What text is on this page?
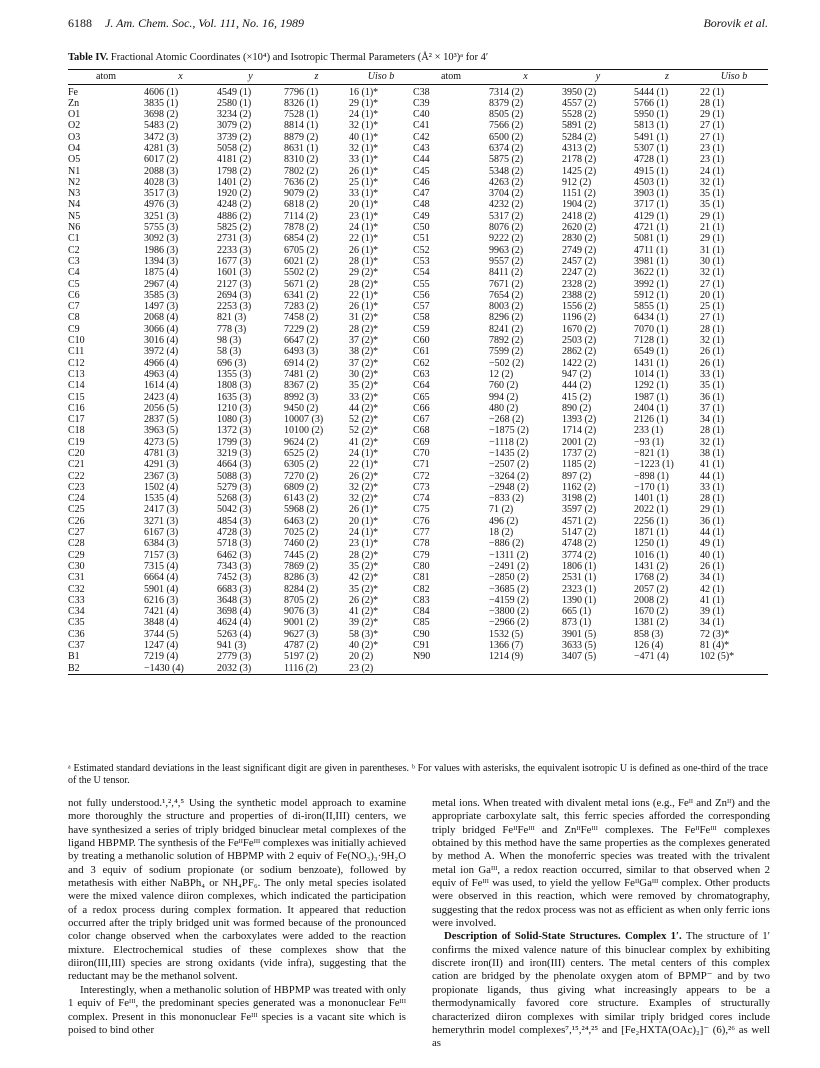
6188 J. Am. Chem. Soc., Vol. 111, No. 16, 1989	Borovik et al.
Table IV. Fractional Atomic Coordinates (×10⁴) and Isotropic Thermal Parameters (Å² × 10³)ᵃ for 4′
atom	x	y	z	Uiso b	atom	x	y	z	Uiso b

Fe	4606 (1)	4549 (1)	7796 (1)	16 (1)*	C38	7314 (2)	3950 (2)	5444 (1)	22 (1)
Zn	3835 (1)	2580 (1)	8326 (1)	29 (1)*	C39	8379 (2)	4557 (2)	5766 (1)	28 (1)
O1	3698 (2)	3234 (2)	7528 (1)	24 (1)*	C40	8505 (2)	5528 (2)	5950 (1)	29 (1)
O2	5483 (2)	3079 (2)	8814 (1)	32 (1)*	C41	7566 (2)	5891 (2)	5813 (1)	27 (1)
O3	3472 (3)	3739 (2)	8879 (2)	40 (1)*	C42	6500 (2)	5284 (2)	5491 (1)	27 (1)
O4	4281 (3)	5058 (2)	8631 (1)	32 (1)*	C43	6374 (2)	4313 (2)	5307 (1)	23 (1)
O5	6017 (2)	4181 (2)	8310 (2)	33 (1)*	C44	5875 (2)	2178 (2)	4728 (1)	23 (1)
N1	2088 (3)	1798 (2)	7802 (2)	26 (1)*	C45	5348 (2)	1425 (2)	4915 (1)	24 (1)
N2	4028 (3)	1401 (2)	7636 (2)	25 (1)*	C46	4263 (2)	912 (2)	4503 (1)	32 (1)
N3	3517 (3)	1920 (2)	9079 (2)	33 (1)*	C47	3704 (2)	1151 (2)	3903 (1)	35 (1)
N4	4976 (3)	4248 (2)	6818 (2)	20 (1)*	C48	4232 (2)	1904 (2)	3717 (1)	35 (1)
N5	3251 (3)	4886 (2)	7114 (2)	23 (1)*	C49	5317 (2)	2418 (2)	4129 (1)	29 (1)
N6	5755 (3)	5825 (2)	7878 (2)	24 (1)*	C50	8076 (2)	2620 (2)	4721 (1)	21 (1)
C1	3092 (3)	2731 (3)	6854 (2)	22 (1)*	C51	9222 (2)	2830 (2)	5081 (1)	29 (1)
C2	1986 (3)	2233 (3)	6705 (2)	26 (1)*	C52	9963 (2)	2749 (2)	4711 (1)	31 (1)
C3	1394 (3)	1677 (3)	6021 (2)	28 (1)*	C53	9557 (2)	2457 (2)	3981 (1)	30 (1)
C4	1875 (4)	1601 (3)	5502 (2)	29 (2)*	C54	8411 (2)	2247 (2)	3622 (1)	32 (1)
C5	2967 (4)	2127 (3)	5671 (2)	28 (2)*	C55	7671 (2)	2328 (2)	3992 (1)	27 (1)
C6	3585 (3)	2694 (3)	6341 (2)	22 (1)*	C56	7654 (2)	2388 (2)	5912 (1)	20 (1)
C7	1497 (3)	2253 (3)	7283 (2)	26 (1)*	C57	8003 (2)	1556 (2)	5855 (1)	25 (1)
C8	2068 (4)	821 (3)	7458 (2)	31 (2)*	C58	8296 (2)	1196 (2)	6434 (1)	27 (1)
C9	3066 (4)	778 (3)	7229 (2)	28 (2)*	C59	8241 (2)	1670 (2)	7070 (1)	28 (1)
C10	3016 (4)	98 (3)	6647 (2)	37 (2)*	C60	7892 (2)	2503 (2)	7128 (1)	32 (1)
C11	3972 (4)	58 (3)	6493 (3)	38 (2)*	C61	7599 (2)	2862 (2)	6549 (1)	26 (1)
C12	4966 (4)	696 (3)	6914 (2)	37 (2)*	C62	−502 (2)	1422 (2)	1431 (1)	26 (1)
C13	4963 (4)	1355 (3)	7481 (2)	30 (2)*	C63	12 (2)	947 (2)	1014 (1)	33 (1)
C14	1614 (4)	1808 (3)	8367 (2)	35 (2)*	C64	760 (2)	444 (2)	1292 (1)	35 (1)
C15	2423 (4)	1635 (3)	8992 (3)	33 (2)*	C65	994 (2)	415 (2)	1987 (1)	36 (1)
C16	2056 (5)	1210 (3)	9450 (2)	44 (2)*	C66	480 (2)	890 (2)	2404 (1)	37 (1)
C17	2837 (5)	1080 (3)	10007 (3)	52 (2)*	C67	−268 (2)	1393 (2)	2126 (1)	34 (1)
C18	3963 (5)	1372 (3)	10100 (2)	52 (2)*	C68	−1875 (2)	1714 (2)	233 (1)	28 (1)
C19	4273 (5)	1799 (3)	9624 (2)	41 (2)*	C69	−1118 (2)	2001 (2)	−93 (1)	32 (1)
C20	4781 (3)	3219 (3)	6525 (2)	24 (1)*	C70	−1435 (2)	1737 (2)	−821 (1)	38 (1)
C21	4291 (3)	4664 (3)	6305 (2)	22 (1)*	C71	−2507 (2)	1185 (2)	−1223 (1)	41 (1)
C22	2367 (3)	5088 (3)	7270 (2)	26 (2)*	C72	−3264 (2)	897 (2)	−898 (1)	44 (1)
C23	1502 (4)	5279 (3)	6809 (2)	32 (2)*	C73	−2948 (2)	1162 (2)	−170 (1)	33 (1)
C24	1535 (4)	5268 (3)	6143 (2)	32 (2)*	C74	−833 (2)	3198 (2)	1401 (1)	28 (1)
C25	2417 (3)	5042 (3)	5968 (2)	26 (1)*	C75	71 (2)	3597 (2)	2022 (1)	29 (1)
C26	3271 (3)	4854 (3)	6463 (2)	20 (1)*	C76	496 (2)	4571 (2)	2256 (1)	36 (1)
C27	6167 (3)	4728 (3)	7025 (2)	24 (1)*	C77	18 (2)	5147 (2)	1871 (1)	44 (1)
C28	6384 (3)	5718 (3)	7460 (2)	23 (1)*	C78	−886 (2)	4748 (2)	1250 (1)	49 (1)
C29	7157 (3)	6462 (3)	7445 (2)	28 (2)*	C79	−1311 (2)	3774 (2)	1016 (1)	40 (1)
C30	7315 (4)	7343 (3)	7869 (2)	35 (2)*	C80	−2491 (2)	1806 (1)	1431 (2)	26 (1)
C31	6664 (4)	7452 (3)	8286 (3)	42 (2)*	C81	−2850 (2)	2531 (1)	1768 (2)	34 (1)
C32	5901 (4)	6683 (3)	8284 (2)	35 (2)*	C82	−3685 (2)	2323 (1)	2057 (2)	42 (1)
C33	6216 (3)	3648 (3)	8705 (2)	26 (2)*	C83	−4159 (2)	1390 (1)	2008 (2)	41 (1)
C34	7421 (4)	3698 (4)	9076 (3)	41 (2)*	C84	−3800 (2)	665 (1)	1670 (2)	39 (1)
C35	3848 (4)	4624 (4)	9001 (2)	39 (2)*	C85	−2966 (2)	873 (1)	1381 (2)	34 (1)
C36	3744 (5)	5263 (4)	9627 (3)	58 (3)*	C90	1532 (5)	3901 (5)	858 (3)	72 (3)*
C37	1247 (4)	941 (3)	4787 (2)	40 (2)*	C91	1366 (7)	3633 (5)	126 (4)	81 (4)*
B1	7219 (4)	2779 (3)	5197 (2)	20 (2)	N90	1214 (9)	3407 (5)	−471 (4)	102 (5)*
B2	−1430 (4)	2032 (3)	1116 (2)	23 (2)					
ᵃ Estimated standard deviations in the least significant digit are given in parentheses. ᵇ For values with asterisks, the equivalent isotropic U is defined as one-third of the trace of the U tensor.

not fully understood.¹,²,⁴,⁵ Using the synthetic model approach to examine more thoroughly the structure and properties of di-iron(II,III) centers, we have synthesized a series of triply bridged binuclear metal complexes of the ligand HBPMP. The synthesis of the FeᴵᴵFeᴵᴵᴵ complexes was initially achieved by treating a methanolic solution of HBPMP with 2 equiv of Fe(NO₃)₃·9H₂O and 3 equiv of sodium propionate (or sodium benzoate), followed by metathesis with either NaBPh₄ or NH₄PF₆. The only metal species isolated were the mixed valence diiron complexes, which indicated the participation of a redox process during complex formation. It appeared that reduction occurred after the triply bridged unit was formed because of the pronounced color change observed when the carboxylates were added to the reaction mixture. Electrochemical studies of these complexes show that the diiron(III,III) species are strong oxidants (vide infra), suggesting that the reductant may be the methanol solvent.

Interestingly, when a methanolic solution of HBPMP was treated with only 1 equiv of Feᴵᴵᴵ, the predominant species generated was a mononuclear Feᴵᴵᴵ complex. Present in this mononuclear Feᴵᴵᴵ species is a vacant site which is poised to bind other

metal ions. When treated with divalent metal ions (e.g., Feᴵᴵ and Znᴵᴵ) and the appropriate carboxylate salt, this ferric species afforded the corresponding triply bridged FeᴵᴵFeᴵᴵᴵ and ZnᴵᴵFeᴵᴵᴵ complexes. The FeᴵᴵFeᴵᴵᴵ complexes obtained by this method have the same properties as the complexes generated by method A. When the monoferric species was treated with the trivalent metal ion Gaᴵᴵᴵ, a redox reaction occurred, similar to that observed when 2 equiv of Feᴵᴵᴵ was used, to yield the yellow FeᴵᴵGaᴵᴵᴵ complex. Other products were observed in this reaction, which were removed by chromatography, suggesting that the redox process was not as efficient as when only ferric ions were involved.

Description of Solid-State Structures. Complex 1′. The structure of 1′ confirms the mixed valence nature of this binuclear complex by exhibiting discrete iron(II) and iron(III) centers. The metal centers of this complex cation are bridged by the phenolate oxygen atom of BPMP⁻ and by two propionate ligands, thus giving what increasingly appears to be a thermodynamically favored core structure. Examples of structurally characterized diiron complexes with similar triply bridged cores include hemerythrin model complexes⁷,¹⁵,²⁴,²⁵ and [Fe₂HXTA(OAc)₂]⁻ (6),²⁶ as well as
